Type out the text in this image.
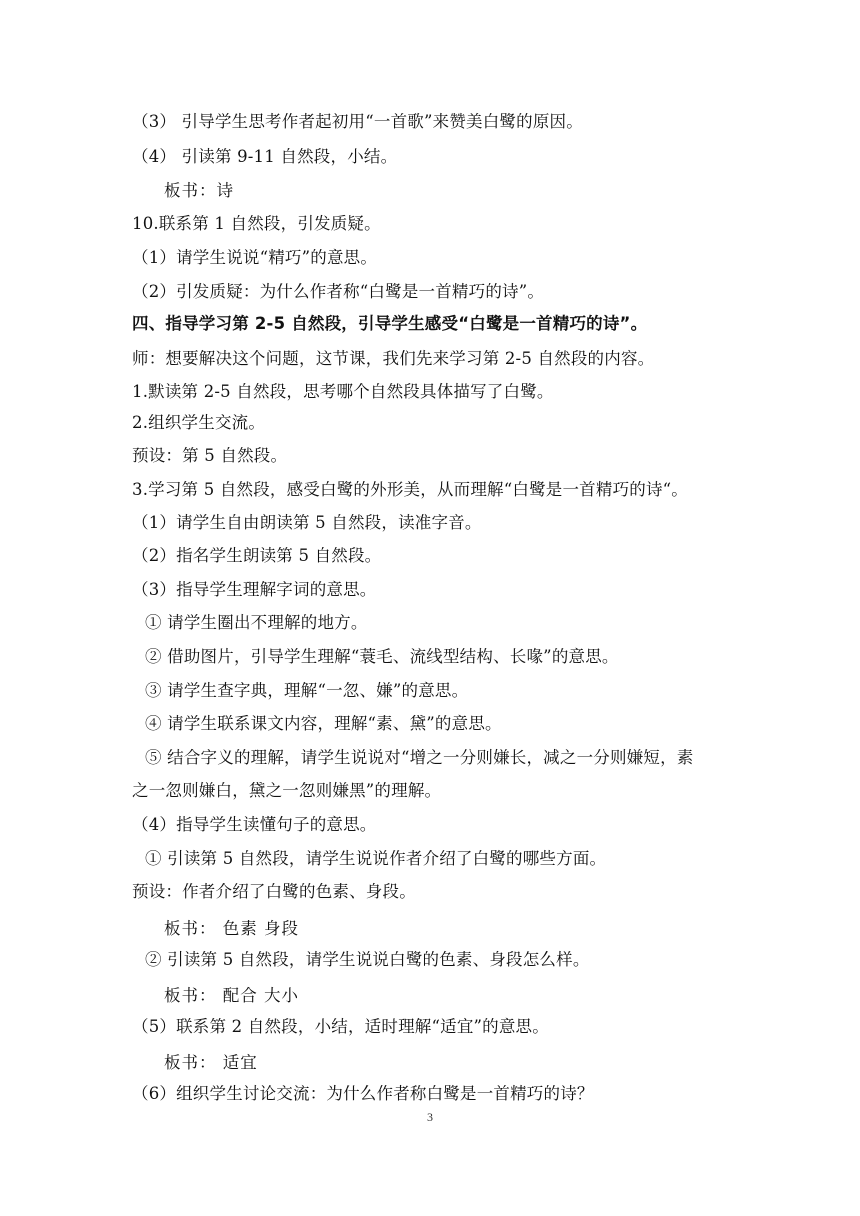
（3） 引导学生思考作者起初用“一首歌”来赞美白鹭的原因。
（4） 引读第 9-11 自然段，小结。
板书：诗
10.联系第 1 自然段，引发质疑。
（1）请学生说说“精巧”的意思。
（2）引发质疑：为什么作者称“白鹭是一首精巧的诗”。
四、指导学习第 2-5 自然段，引导学生感受“白鹭是一首精巧的诗”。
师：想要解决这个问题，这节课，我们先来学习第 2-5 自然段的内容。
1.默读第 2-5 自然段，思考哪个自然段具体描写了白鹭。
2.组织学生交流。
预设：第 5 自然段。
3.学习第 5 自然段，感受白鹭的外形美，从而理解“白鹭是一首精巧的诗“。
（1）请学生自由朗读第 5 自然段，读准字音。
（2）指名学生朗读第 5 自然段。
（3）指导学生理解字词的意思。
① 请学生圈出不理解的地方。
② 借助图片，引导学生理解“蓑毛、流线型结构、长喙”的意思。
③ 请学生查字典，理解“一忽、嫌”的意思。
④ 请学生联系课文内容，理解“素、黛”的意思。
⑤ 结合字义的理解，请学生说说对“增之一分则嫌长，减之一分则嫌短，素
之一忽则嫌白，黛之一忽则嫌黑”的理解。
（4）指导学生读懂句子的意思。
① 引读第 5 自然段，请学生说说作者介绍了白鹭的哪些方面。
预设：作者介绍了白鹭的色素、身段。
板书： 色素 身段
② 引读第 5 自然段，请学生说说白鹭的色素、身段怎么样。
板书： 配合 大小
（5）联系第 2 自然段，小结，适时理解“适宜”的意思。
板书： 适宜
（6）组织学生讨论交流：为什么作者称白鹭是一首精巧的诗？
3
